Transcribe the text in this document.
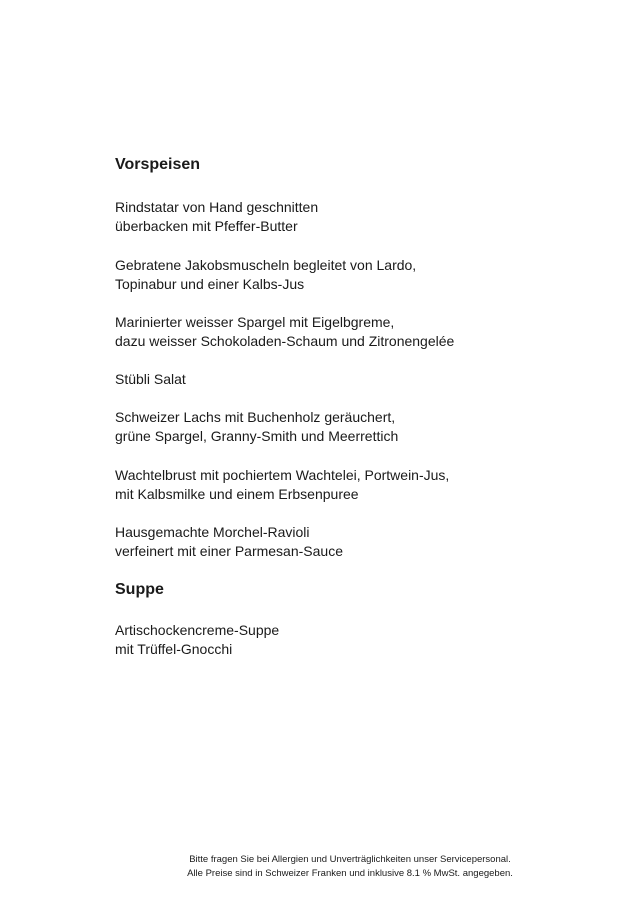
Vorspeisen

Rindstatar von Hand geschnitten
überbacken mit Pfeffer-Butter

Gebratene Jakobsmuscheln begleitet von Lardo,
Topinabur und einer Kalbs-Jus

Marinierter weisser Spargel mit Eigelbgreme,
dazu weisser Schokoladen-Schaum und Zitronengelée

Stübli Salat

Schweizer Lachs mit Buchenholz geräuchert,
grüne Spargel, Granny-Smith und Meerrettich

Wachtelbrust mit pochiertem Wachtelei, Portwein-Jus,
mit Kalbsmilke und einem Erbsenpuree

Hausgemachte Morchel-Ravioli
verfeinert mit einer Parmesan-Sauce

Suppe

Artischockencreme-Suppe
mit Trüffel-Gnocchi

Bitte fragen Sie bei Allergien und Unverträglichkeiten unser Servicepersonal.
Alle Preise sind in Schweizer Franken und inklusive 8.1 % MwSt. angegeben.
